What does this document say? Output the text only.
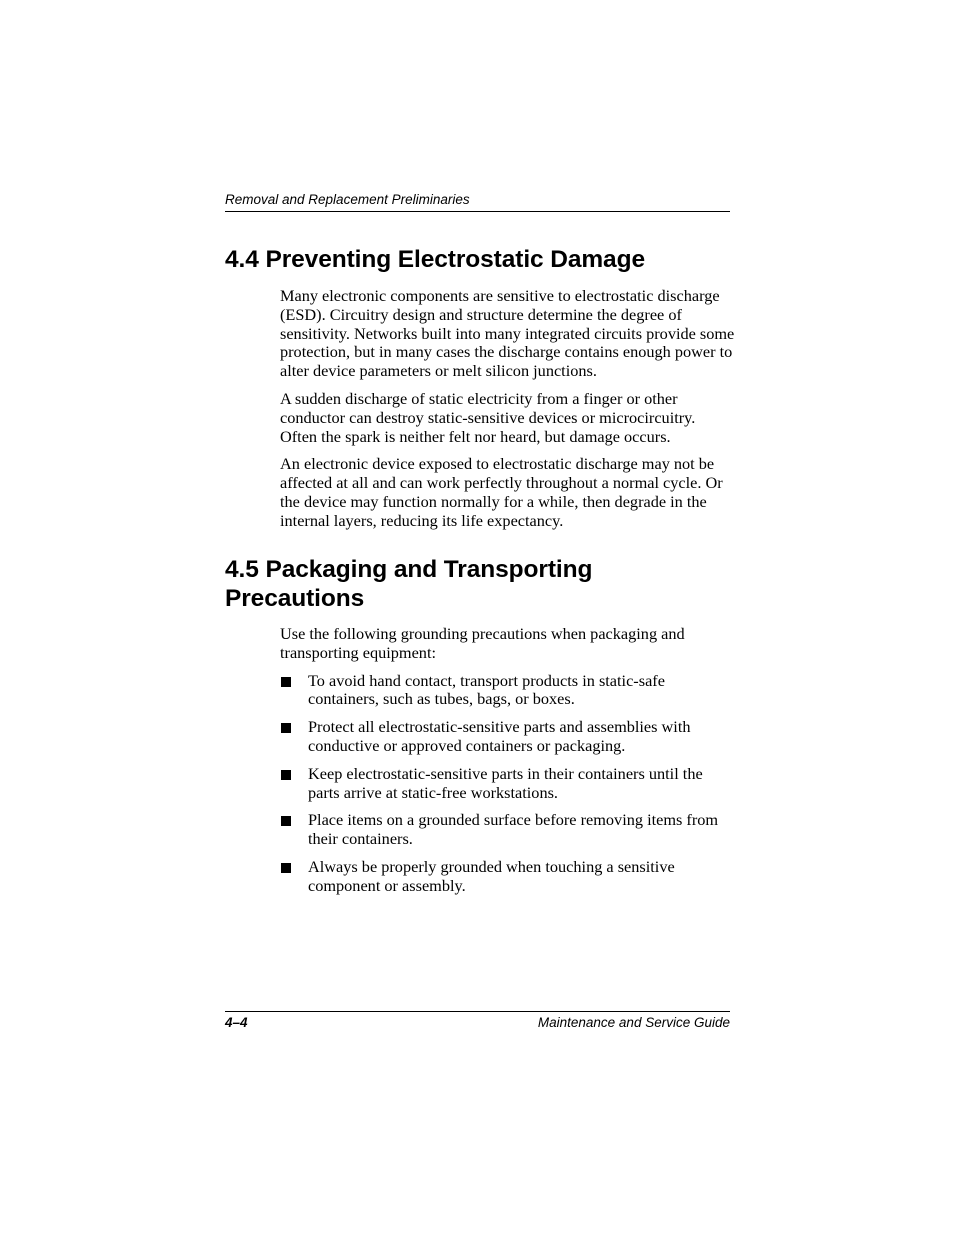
Removal and Replacement Preliminaries
4.4 Preventing Electrostatic Damage

Many electronic components are sensitive to electrostatic discharge (ESD). Circuitry design and structure determine the degree of sensitivity. Networks built into many integrated circuits provide some protection, but in many cases the discharge contains enough power to alter device parameters or melt silicon junctions.

A sudden discharge of static electricity from a finger or other conductor can destroy static-sensitive devices or microcircuitry. Often the spark is neither felt nor heard, but damage occurs.

An electronic device exposed to electrostatic discharge may not be affected at all and can work perfectly throughout a normal cycle. Or the device may function normally for a while, then degrade in the internal layers, reducing its life expectancy.

4.5 Packaging and Transporting
Precautions

Use the following grounding precautions when packaging and transporting equipment:

To avoid hand contact, transport products in static-safe containers, such as tubes, bags, or boxes.
Protect all electrostatic-sensitive parts and assemblies with conductive or approved containers or packaging.
Keep electrostatic-sensitive parts in their containers until the parts arrive at static-free workstations.
Place items on a grounded surface before removing items from their containers.
Always be properly grounded when touching a sensitive component or assembly.
4–4	Maintenance and Service Guide
